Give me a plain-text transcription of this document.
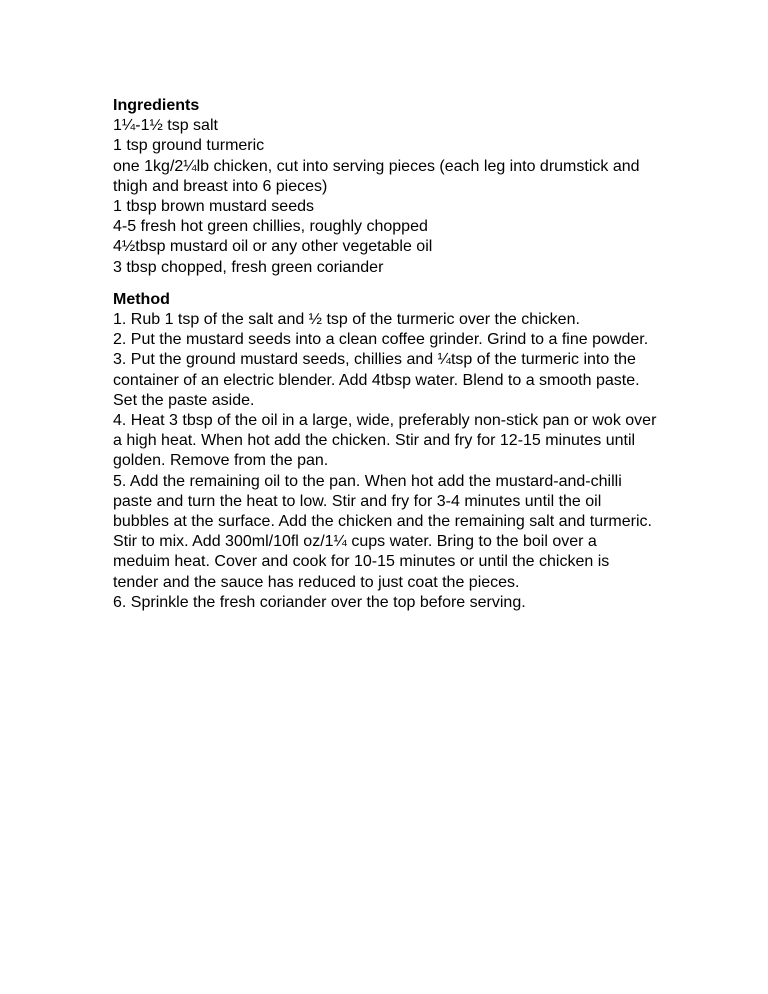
Ingredients

1¼-1½ tsp salt

1 tsp ground turmeric

one 1kg/2¼lb chicken, cut into serving pieces (each leg into drumstick and thigh and breast into 6 pieces)

1 tbsp brown mustard seeds

4-5 fresh hot green chillies, roughly chopped

4½tbsp mustard oil or any other vegetable oil

3 tbsp chopped, fresh green coriander

Method

1. Rub 1 tsp of the salt and ½ tsp of the turmeric over the chicken.

2. Put the mustard seeds into a clean coffee grinder. Grind to a fine powder.

3. Put the ground mustard seeds, chillies and ¼tsp of the turmeric into the container of an electric blender. Add 4tbsp water. Blend to a smooth paste. Set the paste aside.

4. Heat 3 tbsp of the oil in a large, wide, preferably non-stick pan or wok over a high heat. When hot add the chicken. Stir and fry for 12-15 minutes until golden. Remove from the pan.

5. Add the remaining oil to the pan. When hot add the mustard-and-chilli paste and turn the heat to low. Stir and fry for 3-4 minutes until the oil bubbles at the surface. Add the chicken and the remaining salt and turmeric. Stir to mix. Add 300ml/10fl oz/1¼ cups water. Bring to the boil over a meduim heat. Cover and cook for 10-15 minutes or until the chicken is tender and the sauce has reduced to just coat the pieces.

6. Sprinkle the fresh coriander over the top before serving.
